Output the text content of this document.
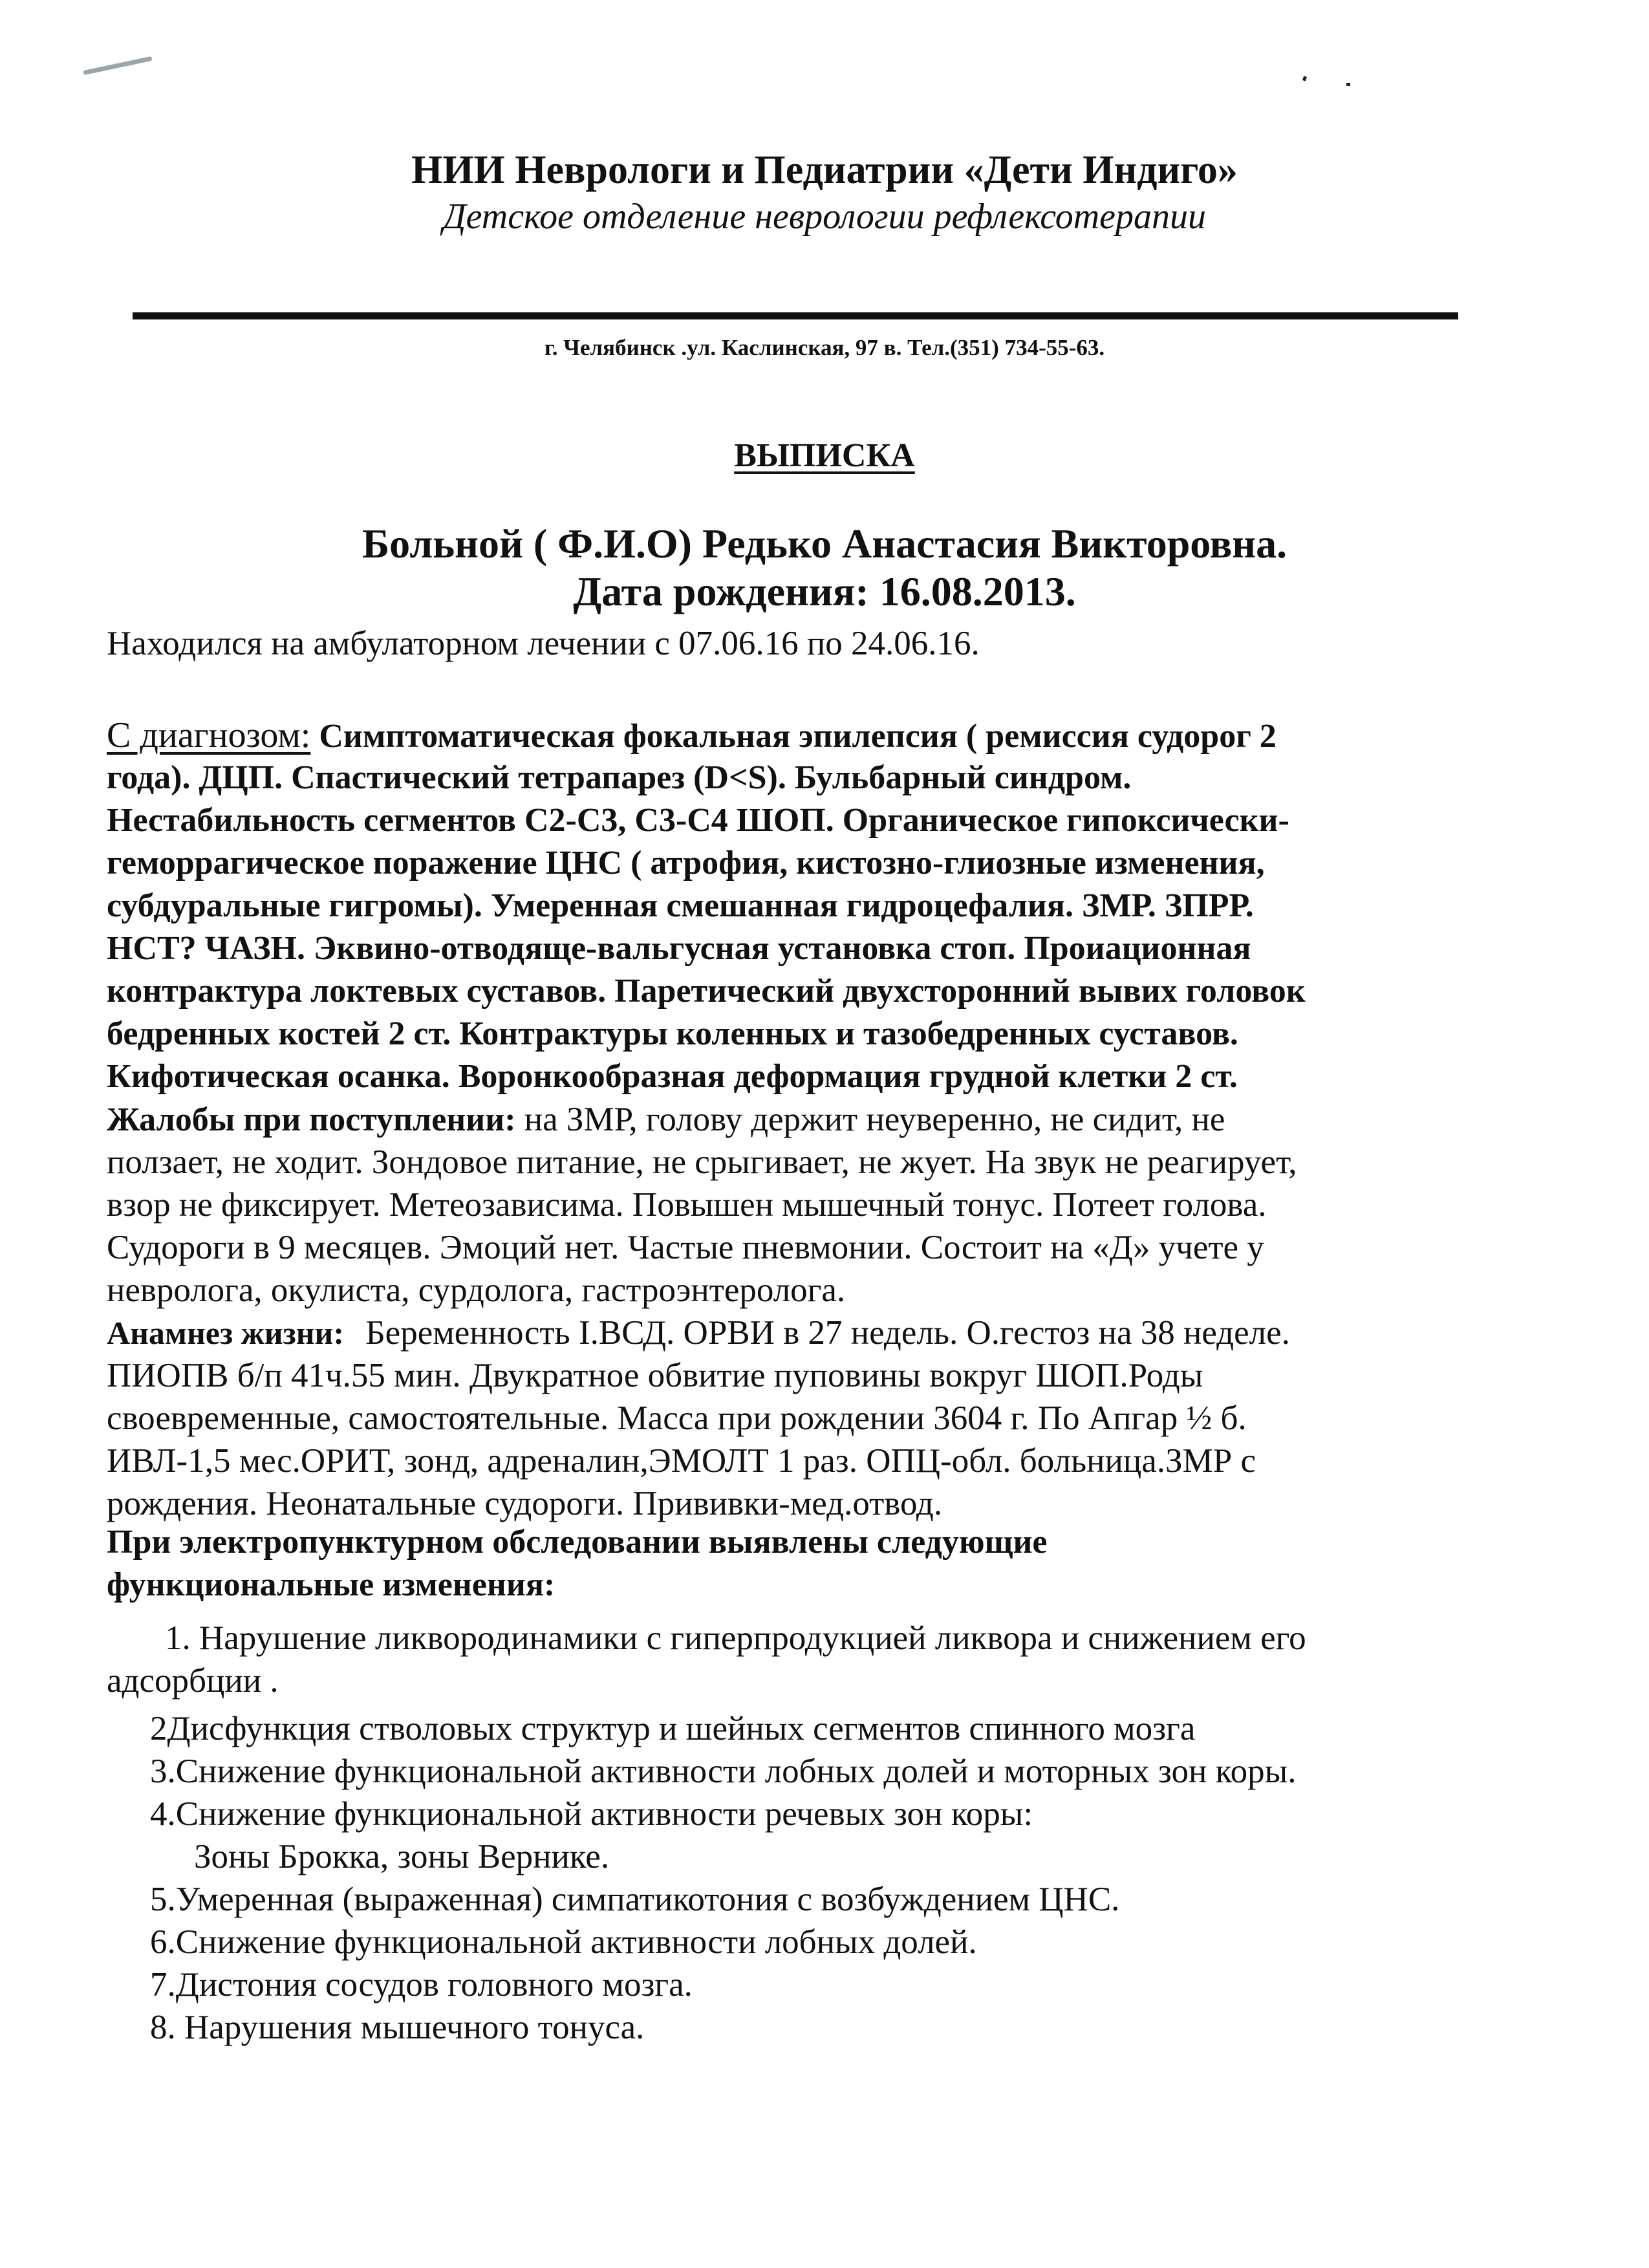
НИИ Неврологи и Педиатрии «Дети Индиго»
Детское отделение неврологии рефлексотерапии
г. Челябинск .ул. Каслинская, 97 в. Тел.(351) 734-55-63.
ВЫПИСКА
Больной ( Ф.И.О) Редько Анастасия Викторовна.
Дата рождения: 16.08.2013.
Находился на амбулаторном лечении с 07.06.16 по 24.06.16.
С диагнозом: Симптоматическая фокальная эпилепсия ( ремиссия судорог 2
года). ДЦП. Спастический тетрапарез (D<S). Бульбарный синдром.
Нестабильность сегментов С2-С3, С3-С4 ШОП. Органическое гипоксически-
геморрагическое поражение ЦНС ( атрофия, кистозно-глиозные изменения,
субдуральные гигромы). Умеренная смешанная гидроцефалия. ЗМР. ЗПРР.
НСТ? ЧАЗН. Эквино-отводяще-вальгусная установка стоп. Проиационная
контрактура локтевых суставов. Паретический двухсторонний вывих головок
бедренных костей 2 ст. Контрактуры коленных и тазобедренных суставов.
Кифотическая осанка. Воронкообразная деформация грудной клетки 2 ст.
Жалобы при поступлении: на ЗМР, голову держит неуверенно, не сидит, не
ползает, не ходит. Зондовое питание, не срыгивает, не жует. На звук не реагирует,
взор не фиксирует. Метеозависима. Повышен мышечный тонус. Потеет голова.
Судороги в 9 месяцев. Эмоций нет. Частые пневмонии. Состоит на «Д» учете у
невролога, окулиста, сурдолога, гастроэнтеролога.
Анамнез жизни: Беременность I.ВСД. ОРВИ в 27 недель. О.гестоз на 38 неделе.
ПИОПВ б/п 41ч.55 мин. Двукратное обвитие пуповины вокруг ШОП.Роды
своевременные, самостоятельные. Масса при рождении 3604 г. По Апгар ½ б.
ИВЛ-1,5 мес.ОРИТ, зонд, адреналин,ЭМОЛТ 1 раз. ОПЦ-обл. больница.ЗМР с
рождения. Неонатальные судороги. Прививки-мед.отвод.
При электропунктурном обследовании выявлены следующие
функциональные изменения:
1. Нарушение ликвородинамики с гиперпродукцией ликвора и снижением его
адсорбции .
2Дисфункция стволовых структур и шейных сегментов спинного мозга
3.Снижение функциональной активности лобных долей и моторных зон коры.
4.Снижение функциональной активности речевых зон коры:
Зоны Брокка, зоны Вернике.
5.Умеренная (выраженная) симпатикотония с возбуждением ЦНС.
6.Снижение функциональной активности лобных долей.
7.Дистония сосудов головного мозга.
8. Нарушения мышечного тонуса.
